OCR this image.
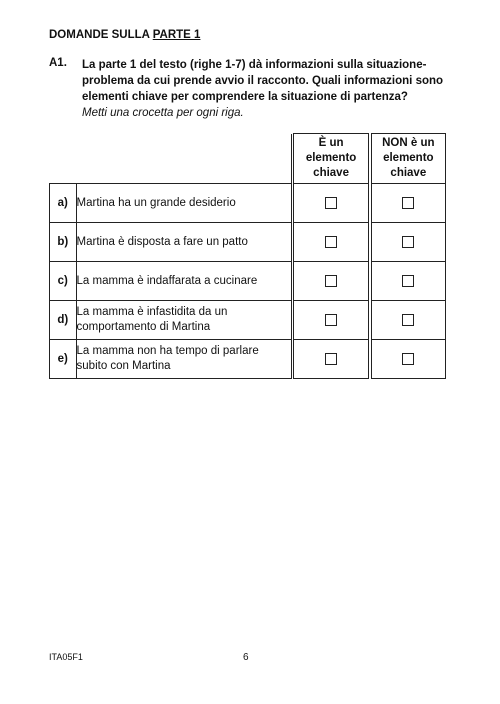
DOMANDE SULLA PARTE 1
A1. La parte 1 del testo (righe 1-7) dà informazioni sulla situazione-problema da cui prende avvio il racconto. Quali informazioni sono elementi chiave per comprendere la situazione di partenza?
Metti una crocetta per ogni riga.
			È un elemento chiave		NON è un elemento chiave
a)	Martina ha un grande desiderio				
b)	Martina è disposta a fare un patto				
c)	La mamma è indaffarata a cucinare				
d)	La mamma è infastidita da un comportamento di Martina				
e)	La mamma non ha tempo di parlare subito con Martina				
ITA05F1	6
